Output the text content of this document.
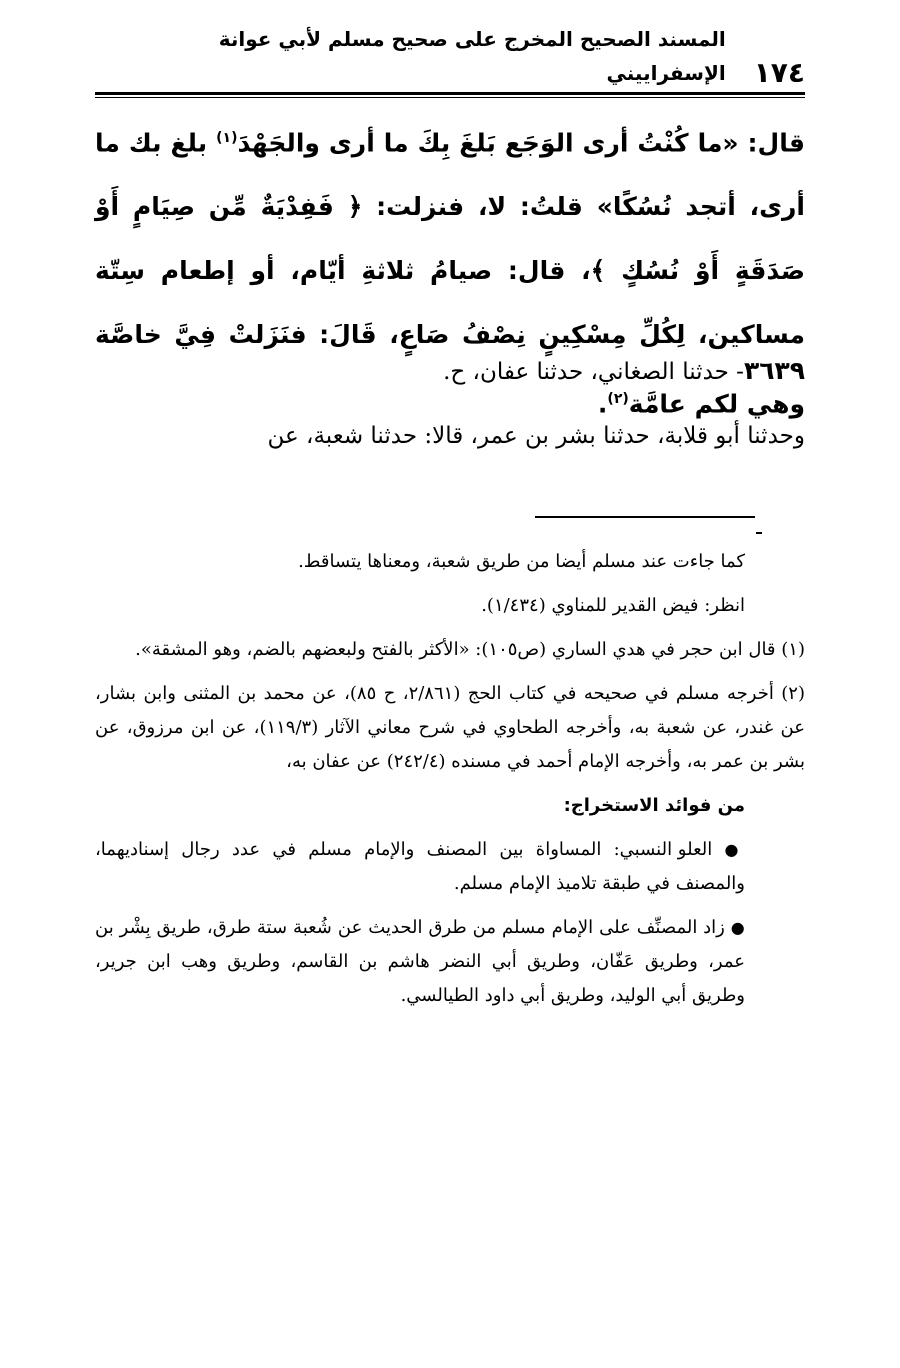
١٧٤
المسند الصحيح المخرج على صحيح مسلم لأبي عوانة الإسفراييني

قال: «ما كُنْتُ أرى الوَجَع بَلغَ بِكَ ما أرى والجَهْدَ$^{(١)}$ بلغ بك ما أرى، أتجد نُسُكًا» قلتُ: لا، فنزلت: ﴿ فَفِدْيَةٌ مِّن صِيَامٍ أَوْ صَدَقَةٍ أَوْ نُسُكٍ ﴾، قال: صيامُ ثلاثةِ أيّام، أو إطعام سِتّة مساكين، لِكُلِّ مِسْكِينٍ نِصْفُ صَاعٍ، قَالَ: فنَزَلتْ فِيَّ خاصَّة وهي لكم عامَّة$^{(٢)}$.

٣٦٣٩- حدثنا الصغاني، حدثنا عفان، ح.
وحدثنا أبو قلابة، حدثنا بشر بن عمر، قالا: حدثنا شعبة، عن

كما جاءت عند مسلم أيضا من طريق شعبة، ومعناها يتساقط.

انظر: فيض القدير للمناوي (١/٤٣٤).

(١) قال ابن حجر في هدي الساري (ص١٠٥): «الأكثر بالفتح ولبعضهم بالضم، وهو المشقة».

(٢) أخرجه مسلم في صحيحه في كتاب الحج (٢/٨٦١، ح ٨٥)، عن محمد بن المثنى وابن بشار، عن غندر، عن شعبة به، وأخرجه الطحاوي في شرح معاني الآثار (١١٩/٣)، عن ابن مرزوق، عن بشر بن عمر به، وأخرجه الإمام أحمد في مسنده (٢٤٢/٤) عن عفان به،

من فوائد الاستخراج:

● العلو النسبي: المساواة بين المصنف والإمام مسلم في عدد رجال إسناديهما، والمصنف في طبقة تلاميذ الإمام مسلم.

● زاد المصنِّف على الإمام مسلم من طرق الحديث عن شُعبة ستة طرق، طريق بِشْر بن عمر، وطريق عَفّان، وطريق أبي النضر هاشم بن القاسم، وطريق وهب ابن جرير، وطريق أبي الوليد، وطريق أبي داود الطيالسي.
